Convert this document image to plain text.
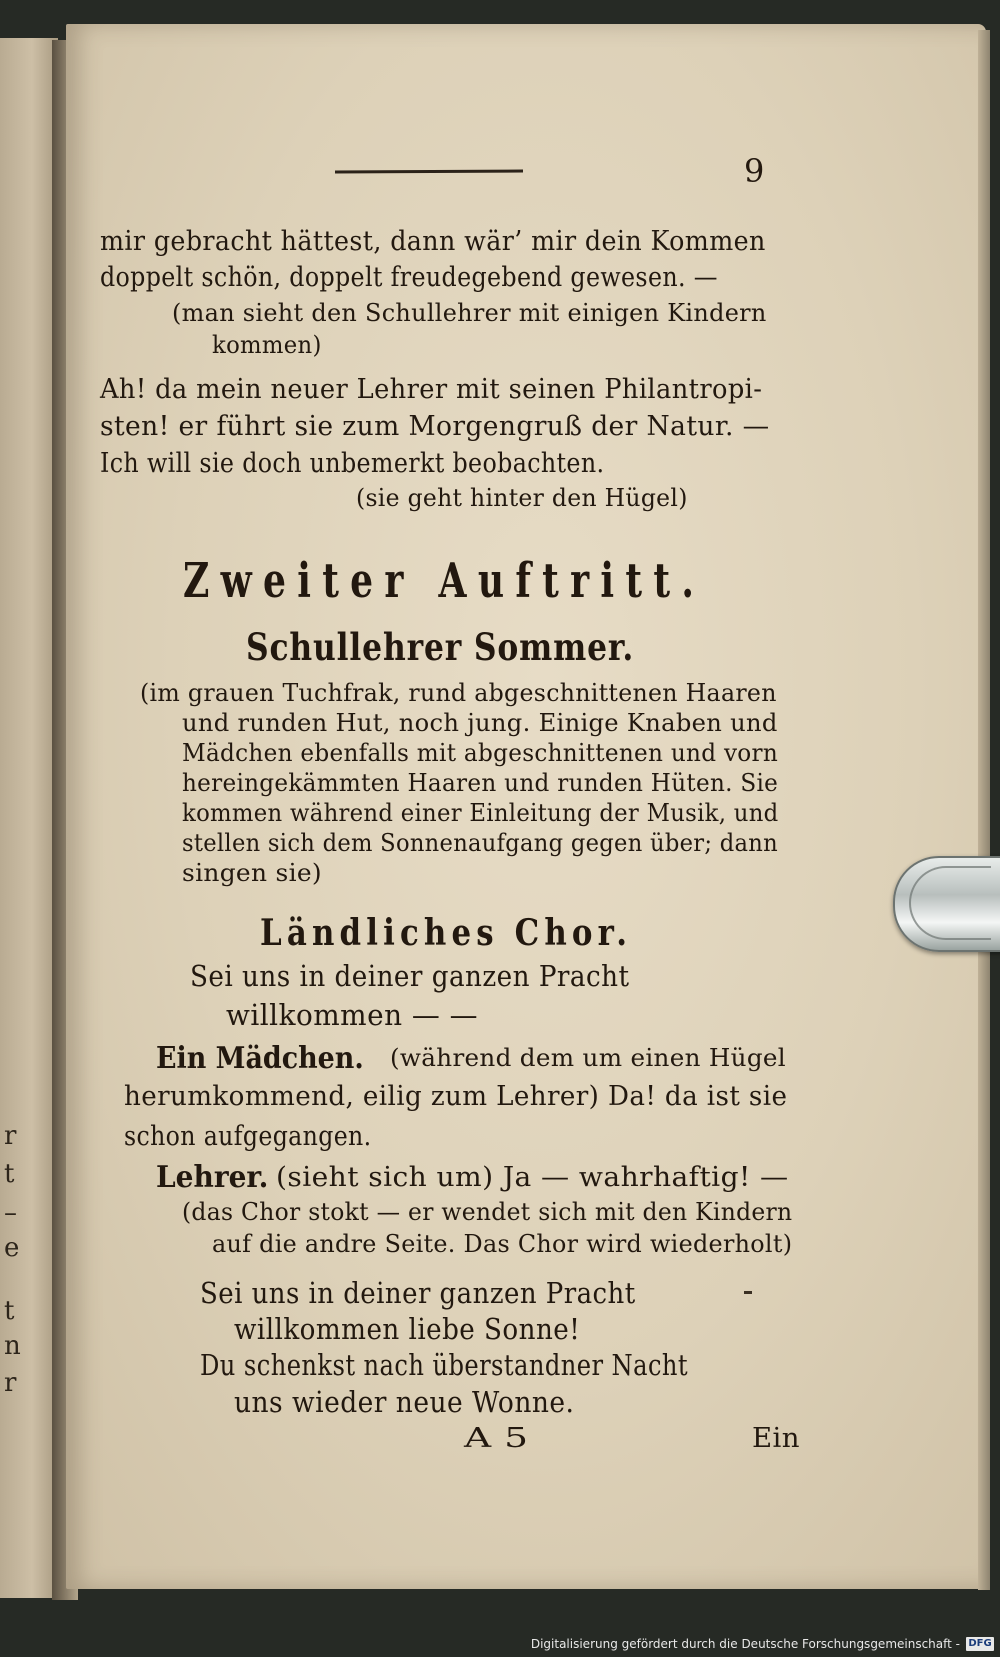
r
t
–
e
t
n
r
9
mir gebracht hättest, dann wär’ mir dein Kommen
doppelt schön, doppelt freudegebend gewesen. —
(man sieht den Schullehrer mit einigen Kindern
kommen)
Ah! da mein neuer Lehrer mit seinen Philantropi-
sten! er führt sie zum Morgengruß der Natur. —
Ich will sie doch unbemerkt beobachten.
(sie geht hinter den Hügel)
Zweiter Auftritt.
Schullehrer Sommer.
(im grauen Tuchfrak, rund abgeschnittenen Haaren
und runden Hut, noch jung. Einige Knaben und
Mädchen ebenfalls mit abgeschnittenen und vorn
hereingekämmten Haaren und runden Hüten. Sie
kommen während einer Einleitung der Musik, und
stellen sich dem Sonnenaufgang gegen über; dann
singen sie)
Ländliches Chor.
Sei uns in deiner ganzen Pracht
willkommen — —
Ein Mädchen. (während dem um einen Hügel
herumkommend, eilig zum Lehrer) Da! da ist sie
schon aufgegangen.
Lehrer. (sieht sich um) Ja — wahrhaftig! —
(das Chor stokt — er wendet sich mit den Kindern
auf die andre Seite. Das Chor wird wiederholt)
Sei uns in deiner ganzen Pracht
willkommen liebe Sonne!
Du schenkst nach überstandner Nacht
uns wieder neue Wonne.
A 5	Ein
Digitalisierung gefördert durch die Deutsche Forschungsgemeinschaft - DFG
